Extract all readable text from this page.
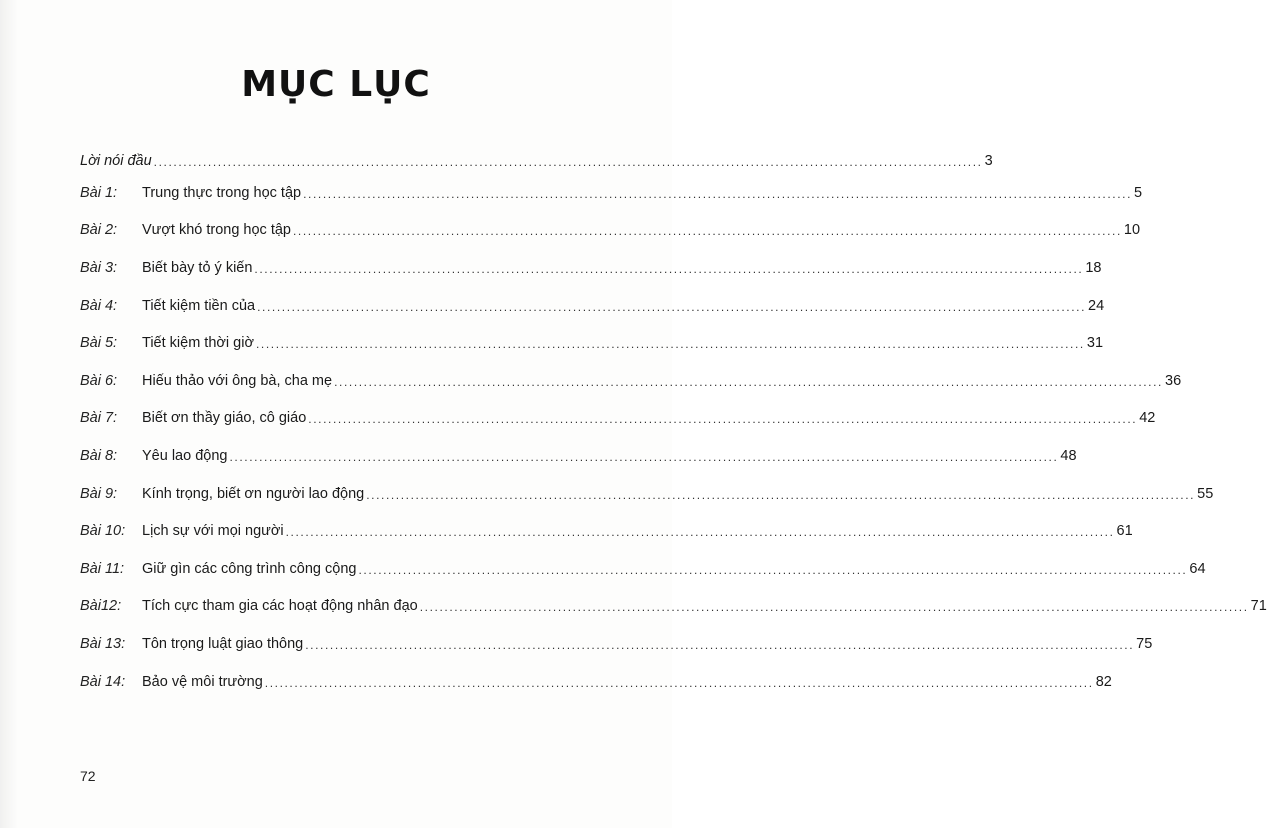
MỤC LỤC
Lời nói đầu ........................................................................................................................................................................ 3
Bài 1:	Trung thực trong học tập ........................................................................................................................................................................ 5
Bài 2:	Vượt khó trong học tập ........................................................................................................................................................................ 10
Bài 3:	Biết bày tỏ ý kiến ........................................................................................................................................................................ 18
Bài 4:	Tiết kiệm tiền của ........................................................................................................................................................................ 24
Bài 5:	Tiết kiệm thời giờ ........................................................................................................................................................................ 31
Bài 6:	Hiếu thảo với ông bà, cha mẹ ........................................................................................................................................................................ 36
Bài 7:	Biết ơn thầy giáo, cô giáo ........................................................................................................................................................................ 42
Bài 8:	Yêu lao động ........................................................................................................................................................................ 48
Bài 9:	Kính trọng, biết ơn người lao động ........................................................................................................................................................................ 55
Bài 10:	Lịch sự với mọi người ........................................................................................................................................................................ 61
Bài 11:	Giữ gìn các công trình công cộng ........................................................................................................................................................................ 64
Bài12:	Tích cực tham gia các hoạt động nhân đạo ........................................................................................................................................................................ 71
Bài 13:	Tôn trọng luật giao thông ........................................................................................................................................................................ 75
Bài 14:	Bảo vệ môi trường ........................................................................................................................................................................ 82
72
